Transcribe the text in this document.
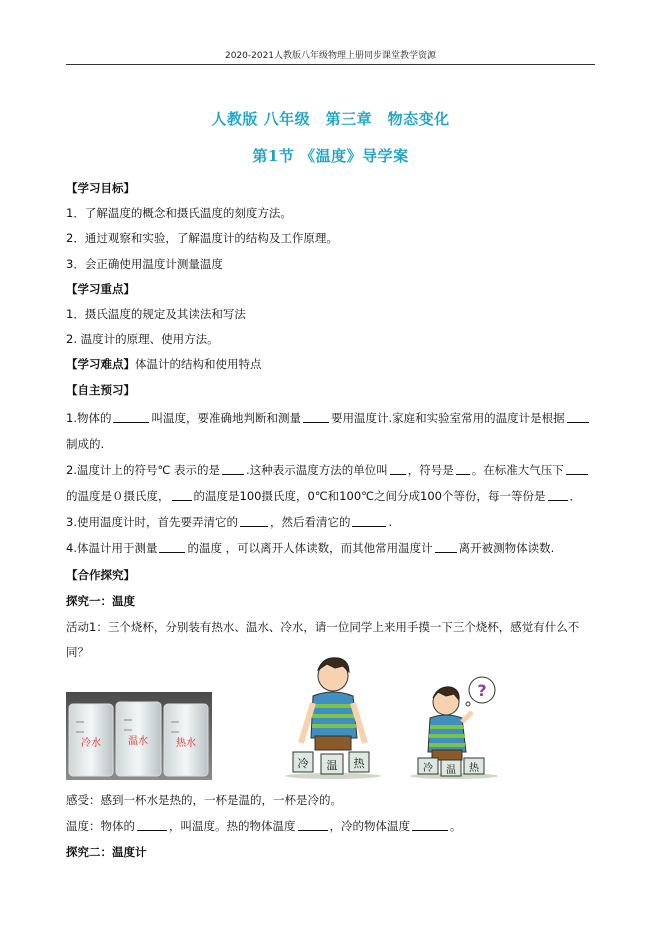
2020-2021人教版八年级物理上册同步课堂教学资源
人教版 八年级　第三章　物态变化
第1节 《温度》导学案
【学习目标】
1．了解温度的概念和摄氏温度的刻度方法。
2．通过观察和实验，了解温度计的结构及工作原理。
3．会正确使用温度计测量温度
【学习重点】
1．摄氏温度的规定及其读法和写法
2. 温度计的原理、使用方法。
【学习难点】体温计的结构和使用特点
【自主预习】
1.物体的	叫温度，要准确地判断和测量	要用温度计.家庭和实验室常用的温度计是根据
制成的.
2.温度计上的符号℃ 表示的是 .这种表示温度方法的单位叫 ，符号是 。在标准大气压下
的温度是０摄氏度， 的温度是100摄氏度，0℃和100℃之间分成100个等份，每一等份是 ．
3.使用温度计时，首先要弄清它的	，然后看清它的	.
4.体温计用于测量	的温度 ，可以离开人体读数，而其他常用温度计 离开被测物体读数.
【合作探究】
探究一：温度
活动1：三个烧杯，分别装有热水、温水、冷水，请一位同学上来用手摸一下三个烧杯，感觉有什么不
同？
冷水	温水	热水
冷 温 热
?
冷 温 热
感受：感到一杯水是热的，一杯是温的，一杯是冷的。
温度：物体的	，叫温度。热的物体温度	，冷的物体温度	。
探究二：温度计
